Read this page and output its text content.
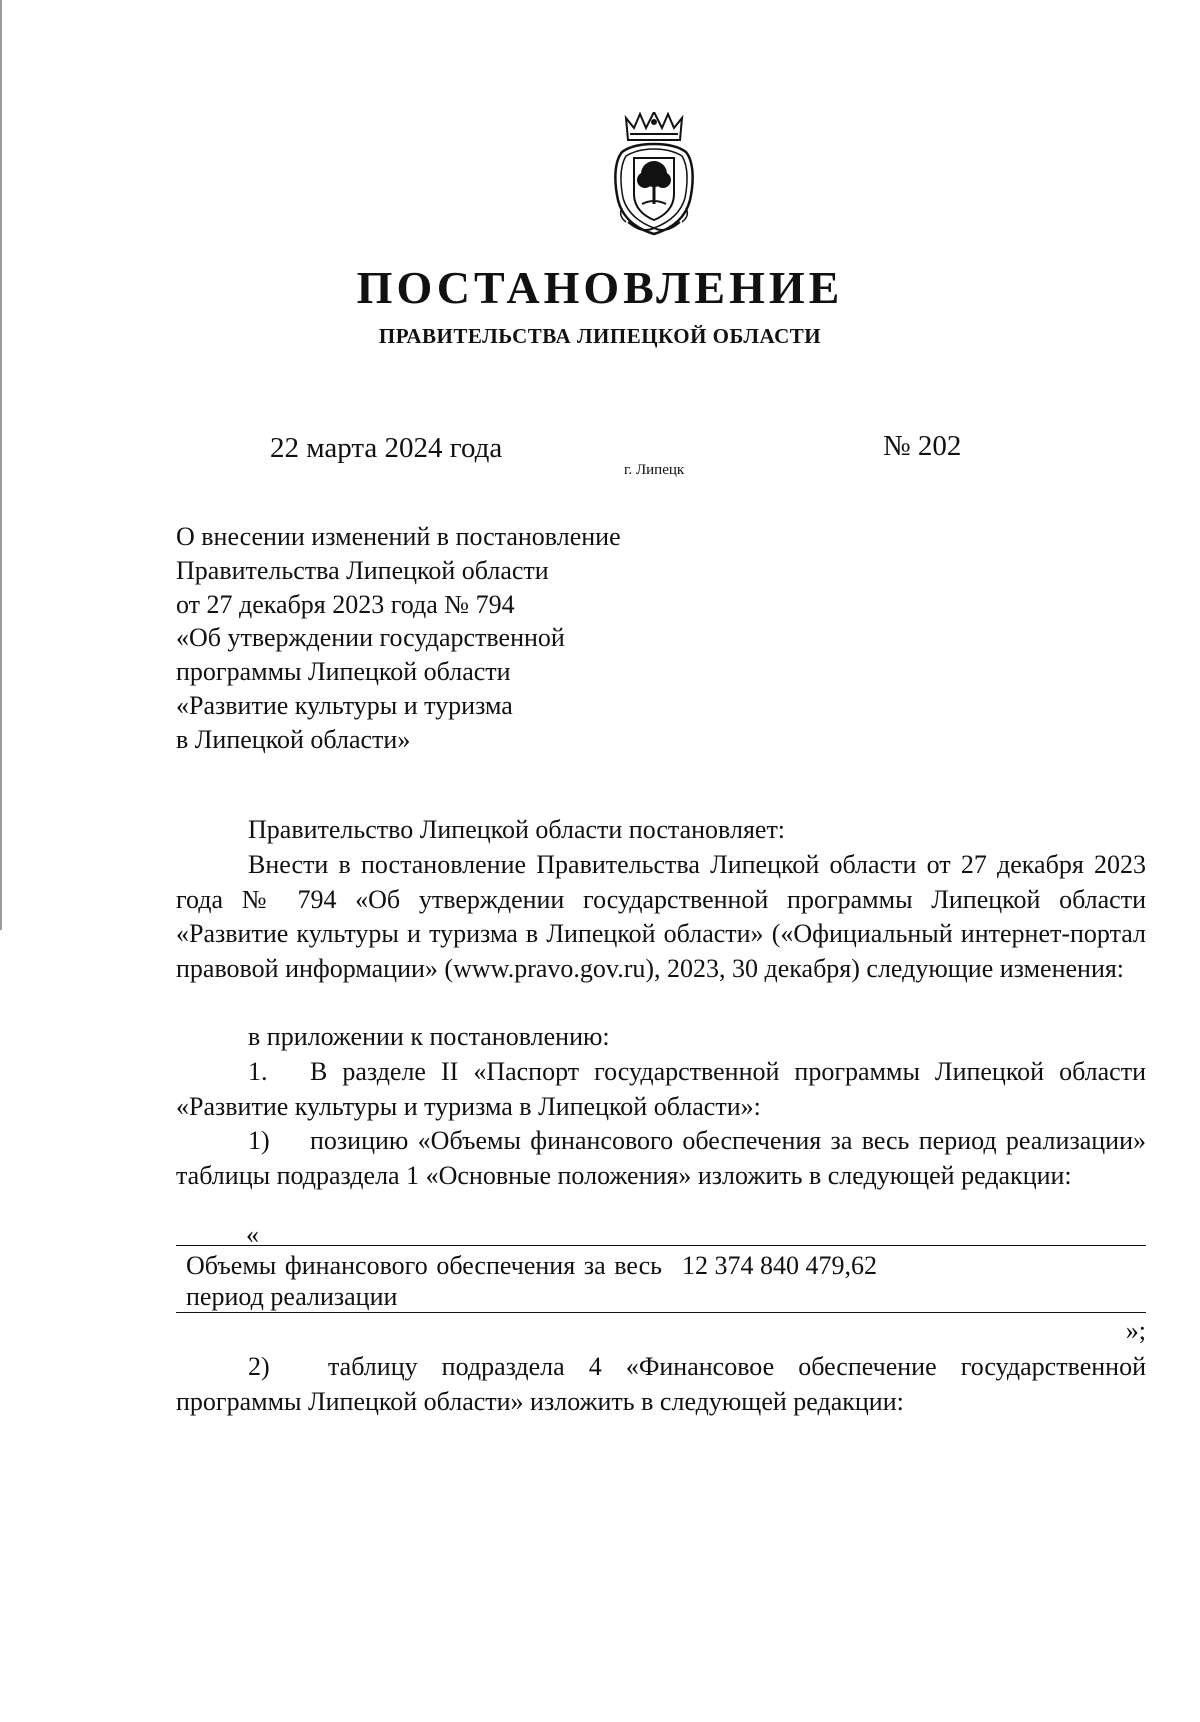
ПОСТАНОВЛЕНИЕ
ПРАВИТЕЛЬСТВА ЛИПЕЦКОЙ ОБЛАСТИ
22 марта 2024 года
г. Липецк
№ 202
О внесении изменений в постановление
Правительства Липецкой области
от 27 декабря 2023 года № 794
«Об утверждении государственной
программы Липецкой области
«Развитие культуры и туризма
в Липецкой области»
Правительство Липецкой области постановляет:
Внести в постановление Правительства Липецкой области от 27 декабря 2023 года № 794 «Об утверждении государственной программы Липецкой области «Развитие культуры и туризма в Липецкой области» («Официальный интернет-портал правовой информации» (www.pravo.gov.ru), 2023, 30 декабря) следующие изменения:
в приложении к постановлению:
1. В разделе II «Паспорт государственной программы Липецкой области «Развитие культуры и туризма в Липецкой области»:
1) позицию «Объемы финансового обеспечения за весь период реализации» таблицы подраздела 1 «Основные положения» изложить в следующей редакции:
«
Объемы финансового обеспечения за весь период реализации	12 374 840 479,62
»;
2) таблицу подраздела 4 «Финансовое обеспечение государственной программы Липецкой области» изложить в следующей редакции:
